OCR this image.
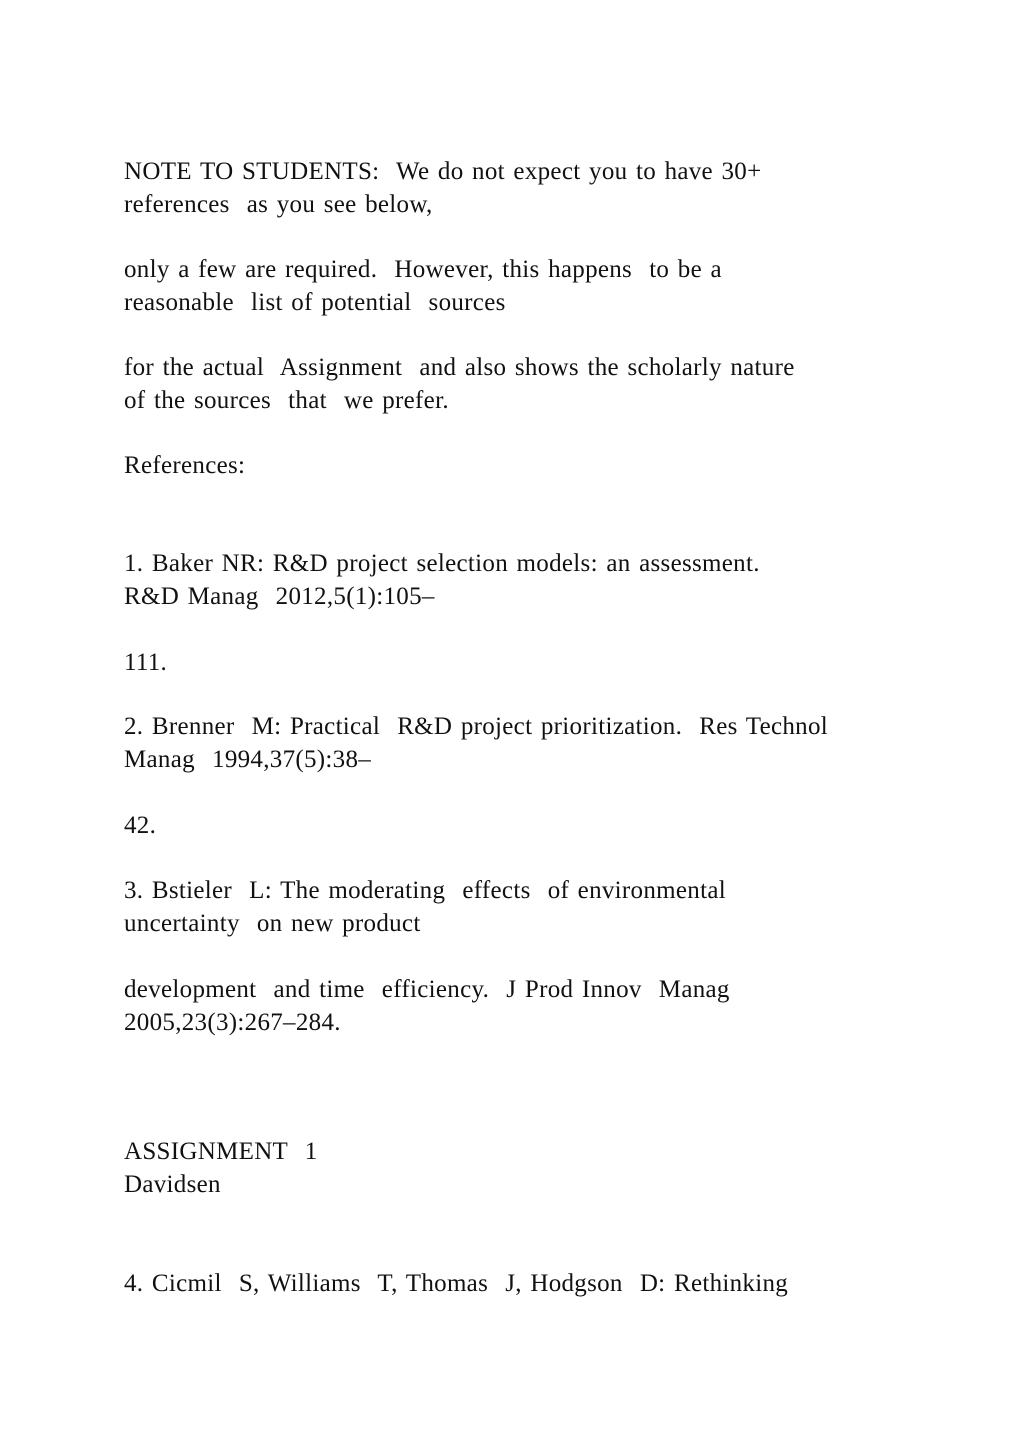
NOTE TO STUDENTS:  We do not expect you to have 30+
references  as you see below,
only a few are required.  However, this happens  to be a
reasonable  list of potential  sources
for the actual  Assignment  and also shows the scholarly nature
of the sources  that  we prefer.
References:
1. Baker NR: R&D project selection models: an assessment.
R&D Manag  2012,5(1):105–
111.
2. Brenner  M: Practical  R&D project prioritization.  Res Technol
Manag  1994,37(5):38–
42.
3. Bstieler  L: The moderating  effects  of environmental
uncertainty  on new product
development  and time  efficiency.  J Prod Innov  Manag
2005,23(3):267–284.
ASSIGNMENT  1
Davidsen
4. Cicmil  S, Williams  T, Thomas  J, Hodgson  D: Rethinking
